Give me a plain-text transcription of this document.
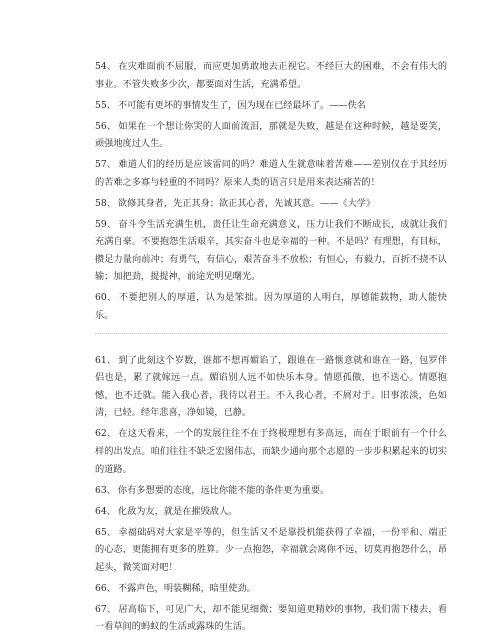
54、 在灾难面前不屈服，而应更加勇敢地去正视它。不经巨大的困难，不会有伟大的事业。不管失败多少次，都要面对生活，充满希望。

55、 不可能有更坏的事情发生了，因为现在已经最坏了。——佚名

56、 如果在一个想让你哭的人面前流泪，那就是失败，越是在这种时候，越是要笑，顽强地度过人生。

57、 难道人们的经历是应该雷同的吗？难道人生就意味着苦难——差别仅在于其经历的苦难之多寡与轻重的不同吗？原来人类的语言只是用来表达痛苦的！

58、 欲修其身者，先正其身；欲正其心者，先诚其意。——《大学》

59、 奋斗令生活充满生机，责任让生命充满意义，压力让我们不断成长，成就让我们充满自豪。不要抱怨生活艰辛，其实奋斗也是幸福的一种。不是吗？有理想，有目标，攒足力量向前冲；有勇气，有信心，艰苦奋斗不放松；有恒心，有毅力，百折不挠不认输；加把劲，提提神，前途光明见曙光。

60、 不要把别人的厚道，认为是笨拙。因为厚道的人明白，厚德能载物，助人能快乐。

61、 到了此刻这个岁数，谁都不想再媚谄了，跟谁在一路惬意就和谁在一路，包罗伴侣也是，累了就嫁远一点。媚谄别人远不如快乐本身。情愿孤傲，也不迭心。情愿抱憾，也不迁就。能入我心者，我待以君王。不入我心者，不屑对于。旧事浓淡，色如清，已轻。经年悲喜，净如镜，已静。

62、 在这天看来，一个的发展往往不在于终极理想有多高远，而在于眼前有一个什么样的出发点。咱们往往不缺乏宏图伟志，而缺少通向那个志愿的一步步积累起来的切实的道路。

63、 你有多想要的态度，远比你能不能的条件更为重要。

64、 化敌为友，就是在摧毁敌人。

65、 幸福础码对大家是平等的，但生活又不是靠投机能获得了幸福，一份平和、端正的心态，更能拥有更多的胜算。少一点抱怨，幸福就会离你不远，切莫再抱怨什么，昂起头，微笑面对吧！

66、 不露声色，明装糊稀，暗里使劲。

67、 居高临下，可见广大，却不能见细微；要知道更精妙的事物，我们需下楼去，看一看草间的蚂蚁的生活或露珠的生活。
